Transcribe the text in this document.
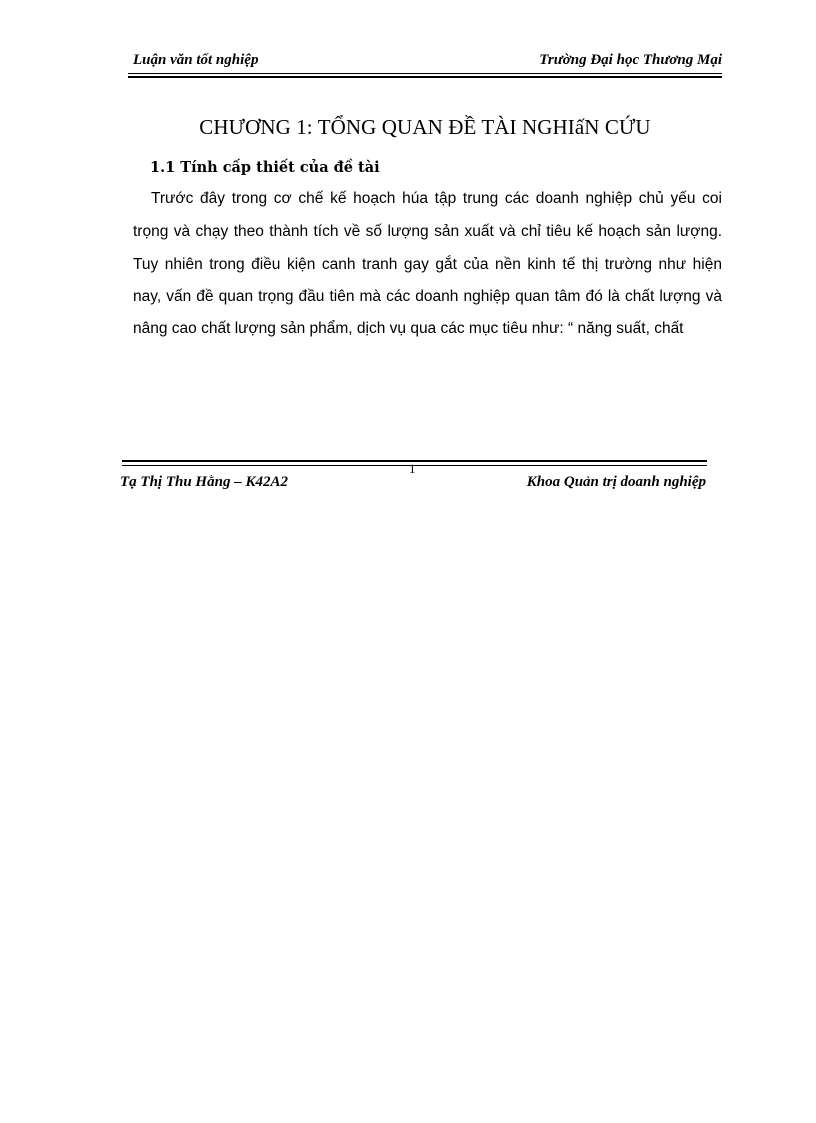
Luận văn tốt nghiệp	Trường Đại học Thương Mại
CHƯƠNG 1: TỔNG QUAN ĐỀ TÀI NGHIấN CỨU
1.1 Tính cấp thiết của đề tài
Trước đây trong cơ chế kế hoạch húa tập trung các doanh nghiệp chủ yếu coi
trọng và chạy theo thành tích về số lượng sản xuất và chỉ tiêu kế hoạch sản lượng.
Tuy nhiên trong điều kiện canh tranh gay gắt của nền kinh tế thị trường như hiện
nay, vấn đề quan trọng đầu tiên mà các doanh nghiệp quan tâm đó là chất lượng và
nâng cao chất lượng sản phẩm, dịch vụ qua các mục tiêu như: “ năng suất, chất
1
Tạ Thị Thu Hằng – K42A2	Khoa Quản trị doanh nghiệp
